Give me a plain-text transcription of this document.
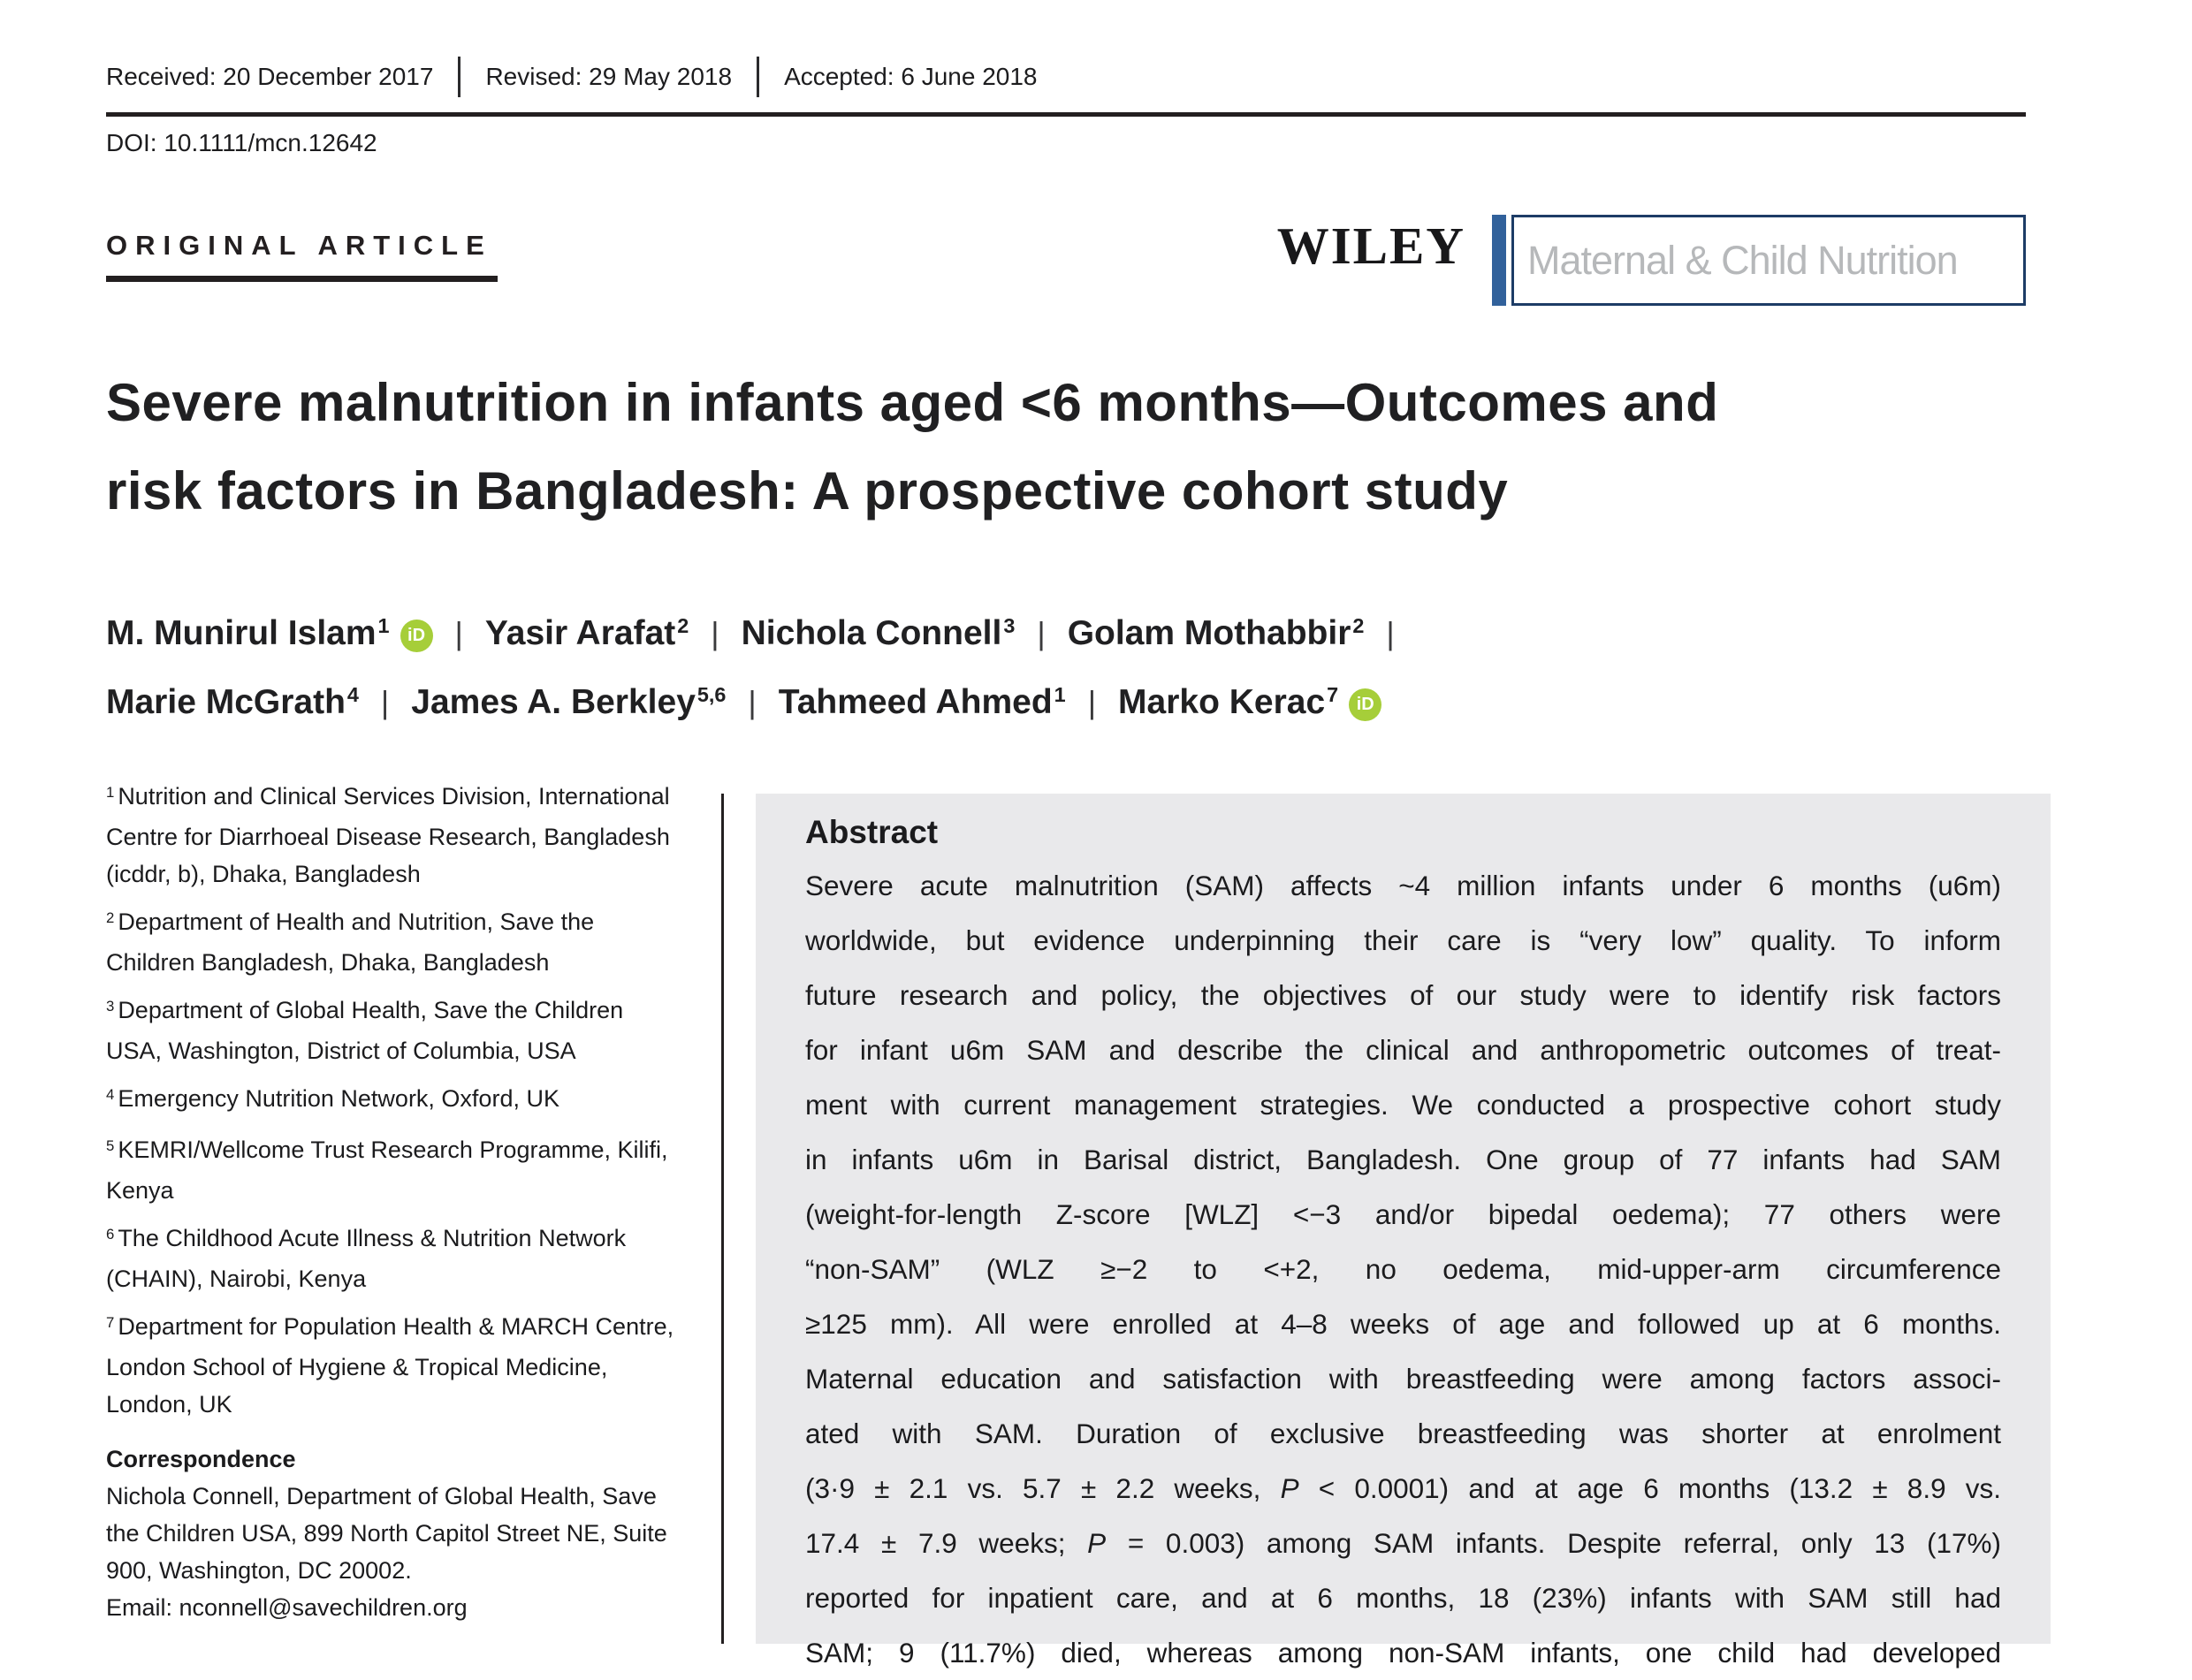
Received: 20 December 2017 Revised: 29 May 2018 Accepted: 6 June 2018
DOI: 10.1111/mcn.12642
ORIGINAL ARTICLE	WILEY Maternal & Child Nutrition
Severe malnutrition in infants aged <6 months—Outcomes and
risk factors in Bangladesh: A prospective cohort study
M. Munirul Islam$^1$ iD | Yasir Arafat$^2$ | Nichola Connell$^3$ | Golam Mothabbir$^2$ |
Marie McGrath$^4$ | James A. Berkley$^{5,6}$ | Tahmeed Ahmed$^1$ | Marko Kerac$^7$ iD
$^1$ Nutrition and Clinical Services Division, International Centre for Diarrhoeal Disease Research, Bangladesh (icddr, b), Dhaka, Bangladesh
$^2$ Department of Health and Nutrition, Save the Children Bangladesh, Dhaka, Bangladesh
$^3$ Department of Global Health, Save the Children USA, Washington, District of Columbia, USA
$^4$ Emergency Nutrition Network, Oxford, UK
$^5$ KEMRI/Wellcome Trust Research Programme, Kilifi, Kenya
$^6$ The Childhood Acute Illness & Nutrition Network (CHAIN), Nairobi, Kenya
$^7$ Department for Population Health & MARCH Centre, London School of Hygiene & Tropical Medicine, London, UK
Correspondence
Nichola Connell, Department of Global Health, Save the Children USA, 899 North Capitol Street NE, Suite 900, Washington, DC 20002.
Email: nconnell@savechildren.org
Abstract
Severe acute malnutrition (SAM) affects ~4 million infants under 6 months (u6m)
worldwide, but evidence underpinning their care is “very low” quality. To inform
future research and policy, the objectives of our study were to identify risk factors
for infant u6m SAM and describe the clinical and anthropometric outcomes of treat-
ment with current management strategies. We conducted a prospective cohort study
in infants u6m in Barisal district, Bangladesh. One group of 77 infants had SAM
(weight-for-length Z-score [WLZ] <−3 and/or bipedal oedema); 77 others were
“non-SAM” (WLZ ≥−2 to <+2, no oedema, mid-upper-arm circumference
≥125 mm). All were enrolled at 4–8 weeks of age and followed up at 6 months.
Maternal education and satisfaction with breastfeeding were among factors associ-
ated with SAM. Duration of exclusive breastfeeding was shorter at enrolment
(3·9 ± 2.1 vs. 5.7 ± 2.2 weeks, P < 0.0001) and at age 6 months (13.2 ± 8.9 vs.
17.4 ± 7.9 weeks; P = 0.003) among SAM infants. Despite referral, only 13 (17%)
reported for inpatient care, and at 6 months, 18 (23%) infants with SAM still had
SAM; 9 (11.7%) died, whereas among non-SAM infants, one child had developed
